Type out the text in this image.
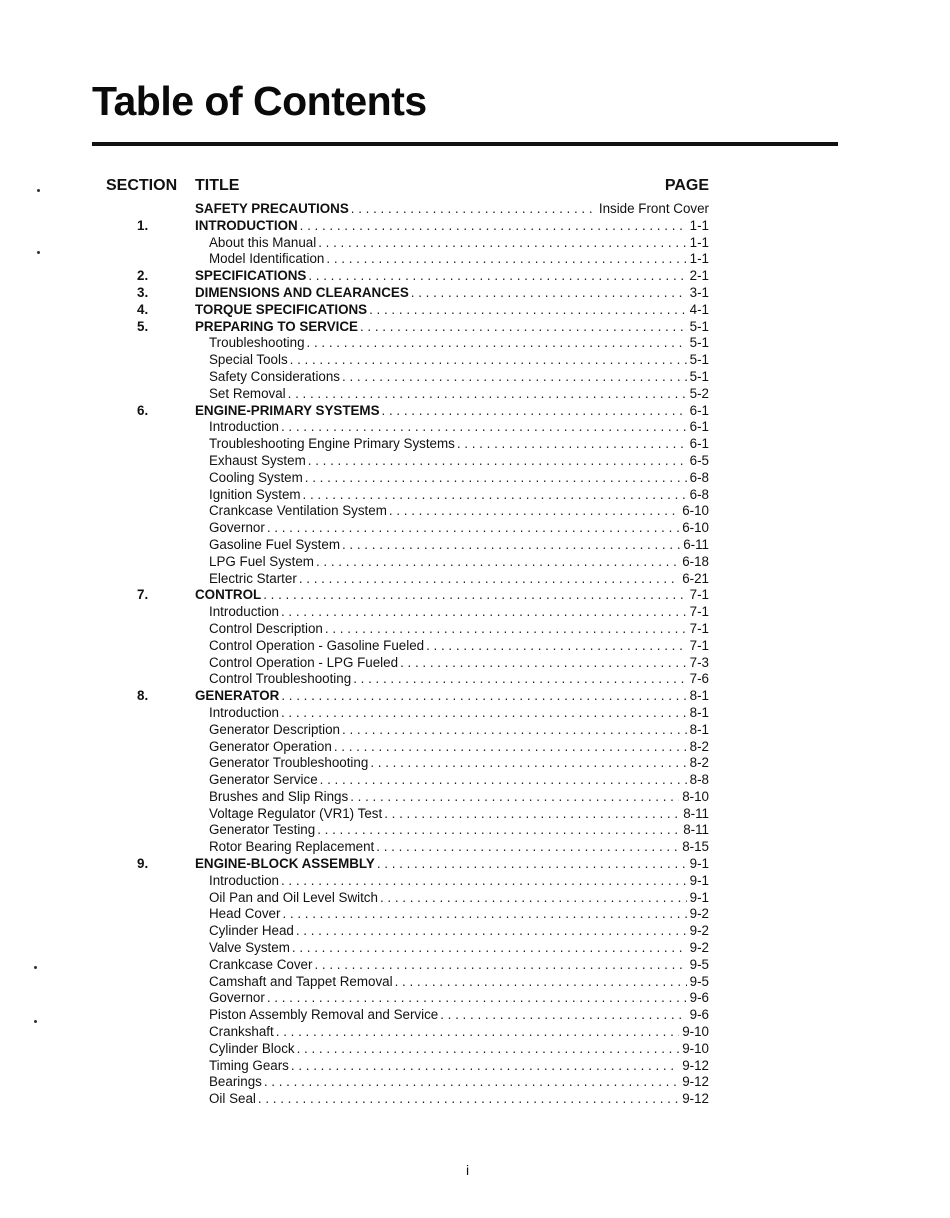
Table of Contents
SECTION TITLE	PAGE
SAFETY PRECAUTIONS . . .	Inside Front Cover
1.	INTRODUCTION . . .	1-1
About this Manual . . .	1-1
Model Identification . . .	1-1
2.	SPECIFICATIONS . . .	2-1
3.	DIMENSIONS AND CLEARANCES . . .	3-1
4.	TORQUE SPECIFICATIONS . . .	4-1
5.	PREPARING TO SERVICE . . .	5-1
Troubleshooting . . .	5-1
Special Tools . . .	5-1
Safety Considerations . . .	5-1
Set Removal . . .	5-2
6.	ENGINE-PRIMARY SYSTEMS . . .	6-1
Introduction . . .	6-1
Troubleshooting Engine Primary Systems . . .	6-1
Exhaust System . . .	6-5
Cooling System . . .	6-8
Ignition System . . .	6-8
Crankcase Ventilation System . . .	6-10
Governor . . .	6-10
Gasoline Fuel System . . .	6-11
LPG Fuel System . . .	6-18
Electric Starter . . .	6-21
7.	CONTROL . . .	7-1
Introduction . . .	7-1
Control Description . . .	7-1
Control Operation - Gasoline Fueled . . .	7-1
Control Operation - LPG Fueled . . .	7-3
Control Troubleshooting . . .	7-6
8.	GENERATOR . . .	8-1
Introduction . . .	8-1
Generator Description . . .	8-1
Generator Operation . . .	8-2
Generator Troubleshooting . . .	8-2
Generator Service . . .	8-8
Brushes and Slip Rings . . .	8-10
Voltage Regulator (VR1) Test . . .	8-11
Generator Testing . . .	8-11
Rotor Bearing Replacement . . .	8-15
9.	ENGINE-BLOCK ASSEMBLY . . .	9-1
Introduction . . .	9-1
Oil Pan and Oil Level Switch . . .	9-1
Head Cover . . .	9-2
Cylinder Head . . .	9-2
Valve System . . .	9-2
Crankcase Cover . . .	9-5
Camshaft and Tappet Removal . . .	9-5
Governor . . .	9-6
Piston Assembly Removal and Service . . .	9-6
Crankshaft . . .	9-10
Cylinder Block . . .	9-10
Timing Gears . . .	9-12
Bearings . . .	9-12
Oil Seal . . .	9-12
i
